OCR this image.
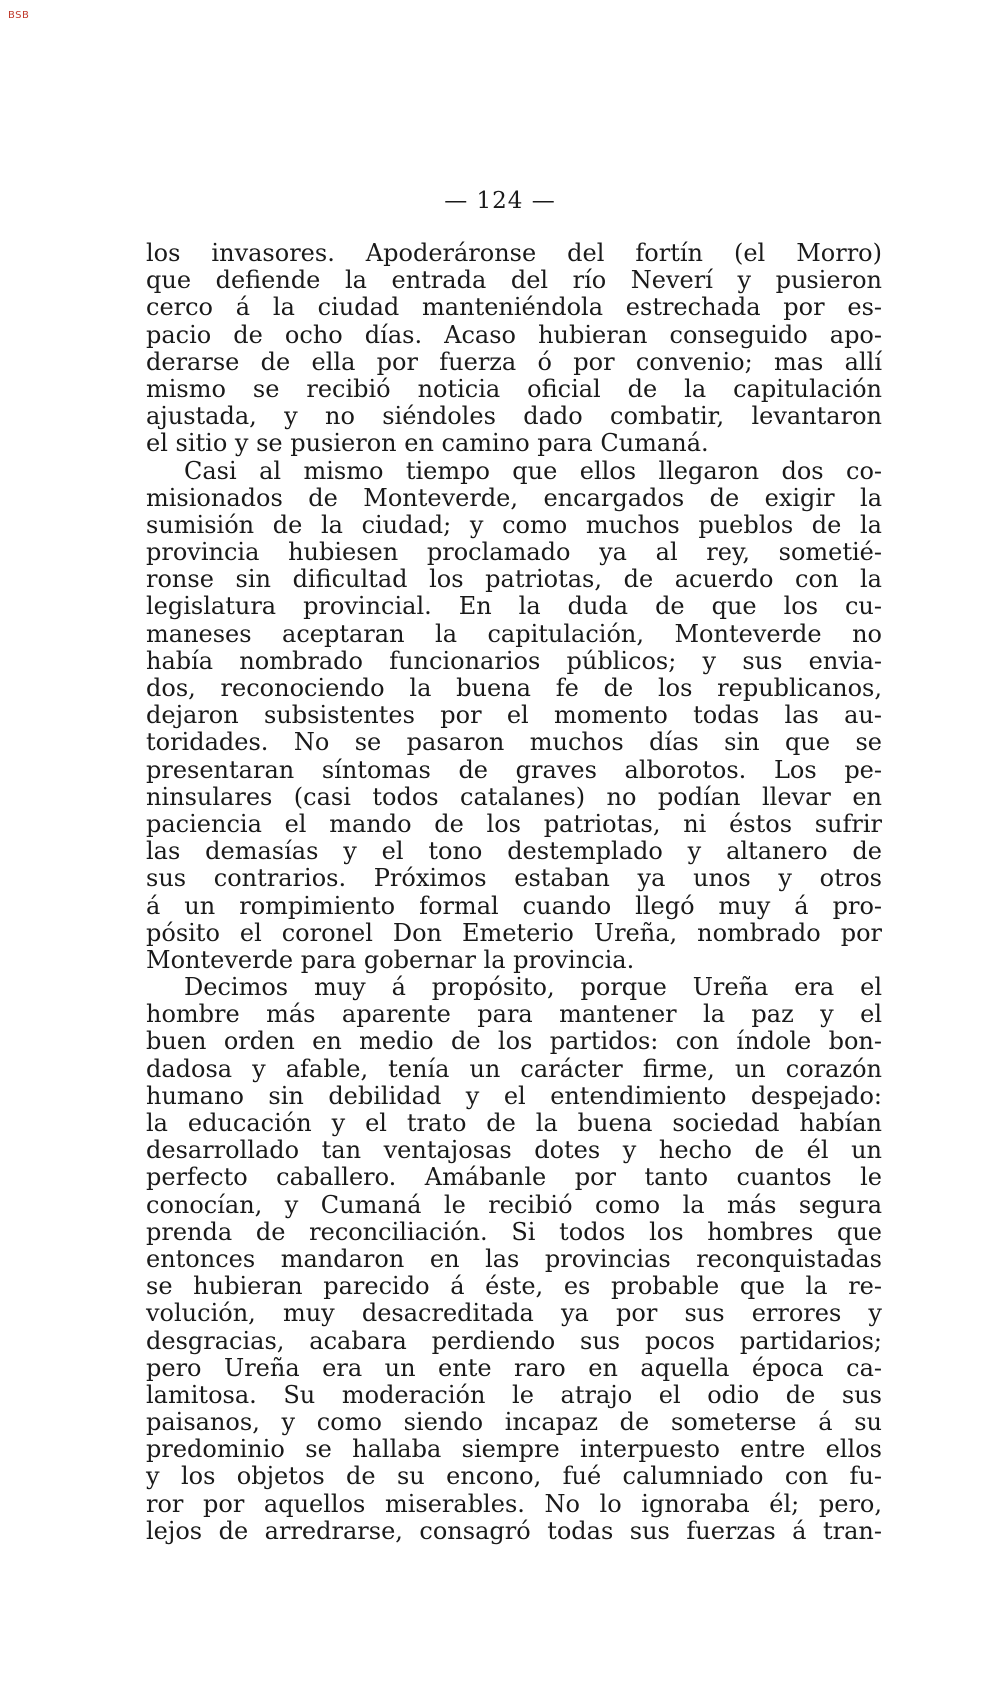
BSB
— 124 —
los invasores. Apoderáronse del fortín (el Morro)
que defiende la entrada del río Neverí y pusieron
cerco á la ciudad manteniéndola estrechada por es-
pacio de ocho días. Acaso hubieran conseguido apo-
derarse de ella por fuerza ó por convenio; mas allí
mismo se recibió noticia oficial de la capitulación
ajustada, y no siéndoles dado combatir, levantaron
el sitio y se pusieron en camino para Cumaná.
Casi al mismo tiempo que ellos llegaron dos co-
misionados de Monteverde, encargados de exigir la
sumisión de la ciudad; y como muchos pueblos de la
provincia hubiesen proclamado ya al rey, sometié-
ronse sin dificultad los patriotas, de acuerdo con la
legislatura provincial. En la duda de que los cu-
maneses aceptaran la capitulación, Monteverde no
había nombrado funcionarios públicos; y sus envia-
dos, reconociendo la buena fe de los republicanos,
dejaron subsistentes por el momento todas las au-
toridades. No se pasaron muchos días sin que se
presentaran síntomas de graves alborotos. Los pe-
ninsulares (casi todos catalanes) no podían llevar en
paciencia el mando de los patriotas, ni éstos sufrir
las demasías y el tono destemplado y altanero de
sus contrarios. Próximos estaban ya unos y otros
á un rompimiento formal cuando llegó muy á pro-
pósito el coronel Don Emeterio Ureña, nombrado por
Monteverde para gobernar la provincia.
Decimos muy á propósito, porque Ureña era el
hombre más aparente para mantener la paz y el
buen orden en medio de los partidos: con índole bon-
dadosa y afable, tenía un carácter firme, un corazón
humano sin debilidad y el entendimiento despejado:
la educación y el trato de la buena sociedad habían
desarrollado tan ventajosas dotes y hecho de él un
perfecto caballero. Amábanle por tanto cuantos le
conocían, y Cumaná le recibió como la más segura
prenda de reconciliación. Si todos los hombres que
entonces mandaron en las provincias reconquistadas
se hubieran parecido á éste, es probable que la re-
volución, muy desacreditada ya por sus errores y
desgracias, acabara perdiendo sus pocos partidarios;
pero Ureña era un ente raro en aquella época ca-
lamitosa. Su moderación le atrajo el odio de sus
paisanos, y como siendo incapaz de someterse á su
predominio se hallaba siempre interpuesto entre ellos
y los objetos de su encono, fué calumniado con fu-
ror por aquellos miserables. No lo ignoraba él; pero,
lejos de arredrarse, consagró todas sus fuerzas á tran-
